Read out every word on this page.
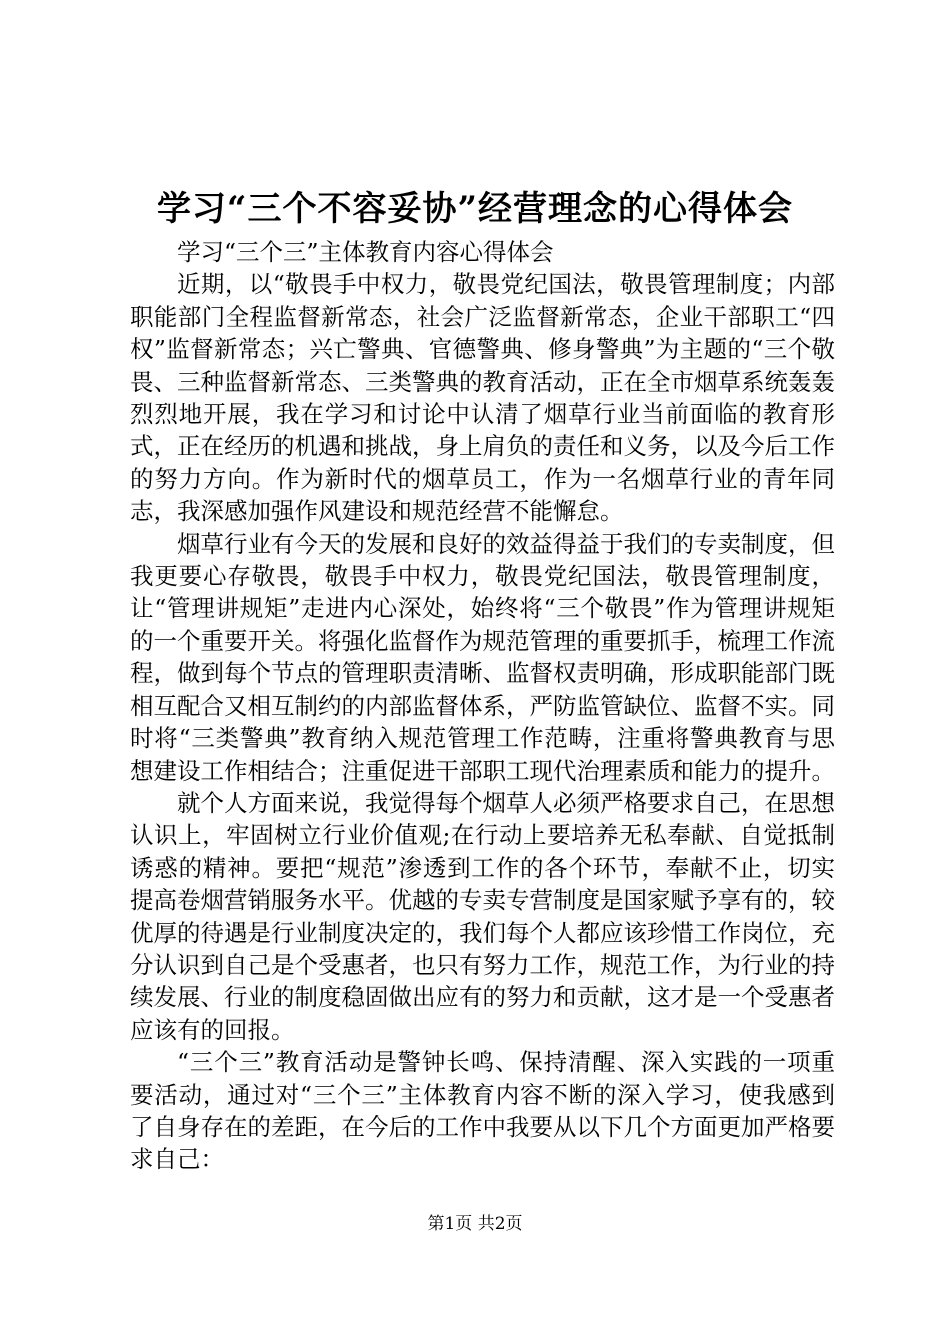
学习“三个不容妥协”经营理念的心得体会

学习“三个三”主体教育内容心得体会

近期，以“敬畏手中权力，敬畏党纪国法，敬畏管理制度；内部职能部门全程监督新常态，社会广泛监督新常态，企业干部职工“四权”监督新常态；兴亡警典、官德警典、修身警典”为主题的“三个敬畏、三种监督新常态、三类警典的教育活动，正在全市烟草系统轰轰烈烈地开展，我在学习和讨论中认清了烟草行业当前面临的教育形式，正在经历的机遇和挑战，身上肩负的责任和义务，以及今后工作的努力方向。作为新时代的烟草员工，作为一名烟草行业的青年同志，我深感加强作风建设和规范经营不能懈怠。

烟草行业有今天的发展和良好的效益得益于我们的专卖制度，但我更要心存敬畏，敬畏手中权力，敬畏党纪国法，敬畏管理制度，让“管理讲规矩”走进内心深处，始终将“三个敬畏”作为管理讲规矩的一个重要开关。将强化监督作为规范管理的重要抓手，梳理工作流程，做到每个节点的管理职责清晰、监督权责明确，形成职能部门既相互配合又相互制约的内部监督体系，严防监管缺位、监督不实。同时将“三类警典”教育纳入规范管理工作范畴，注重将警典教育与思想建设工作相结合；注重促进干部职工现代治理素质和能力的提升。

就个人方面来说，我觉得每个烟草人必须严格要求自己，在思想认识上，牢固树立行业价值观;在行动上要培养无私奉献、自觉抵制诱惑的精神。要把“规范”渗透到工作的各个环节，奉献不止，切实提高卷烟营销服务水平。优越的专卖专营制度是国家赋予享有的，较优厚的待遇是行业制度决定的，我们每个人都应该珍惜工作岗位，充分认识到自己是个受惠者，也只有努力工作，规范工作，为行业的持续发展、行业的制度稳固做出应有的努力和贡献，这才是一个受惠者应该有的回报。

“三个三”教育活动是警钟长鸣、保持清醒、深入实践的一项重要活动，通过对“三个三”主体教育内容不断的深入学习，使我感到了自身存在的差距，在今后的工作中我要从以下几个方面更加严格要求自己：

第1页 共2页
